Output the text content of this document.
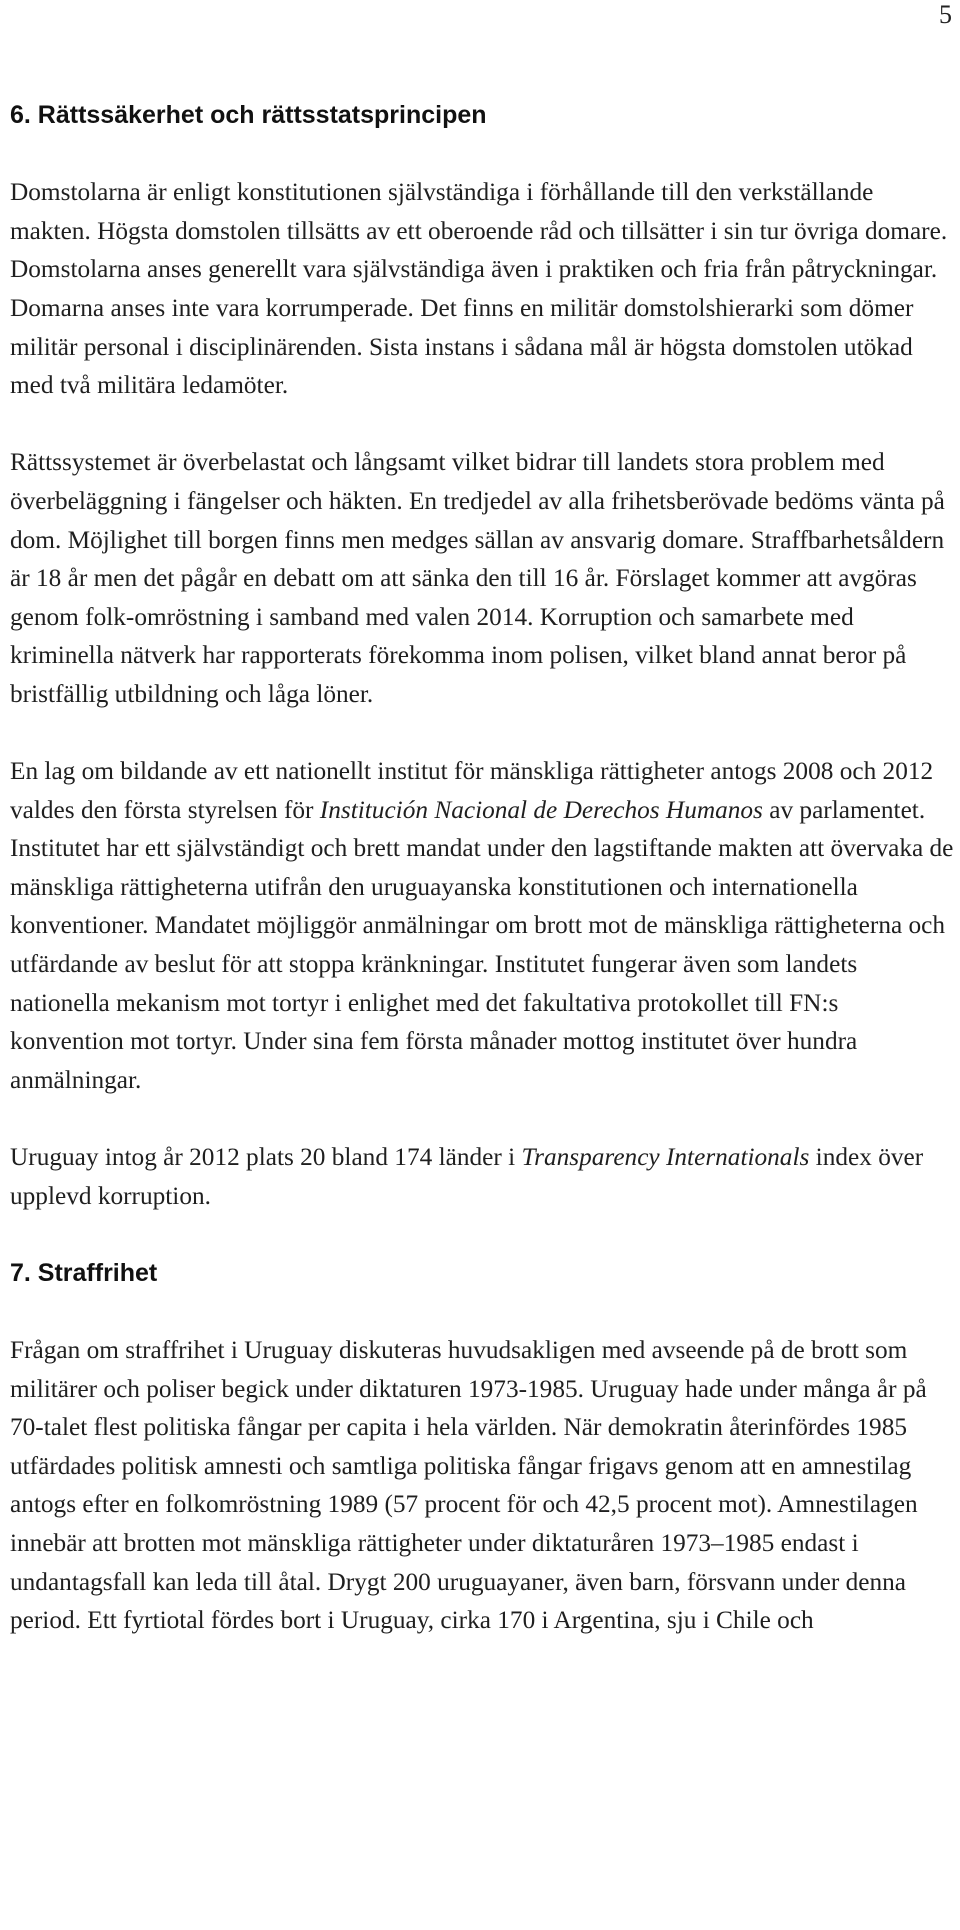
5
6. Rättssäkerhet och rättsstatsprincipen

Domstolarna är enligt konstitutionen självständiga i förhållande till den verkställande makten. Högsta domstolen tillsätts av ett oberoende råd och tillsätter i sin tur övriga domare. Domstolarna anses generellt vara självständiga även i praktiken och fria från påtryckningar. Domarna anses inte vara korrumperade. Det finns en militär domstolshierarki som dömer militär personal i disciplinärenden. Sista instans i sådana mål är högsta domstolen utökad med två militära ledamöter.

Rättssystemet är överbelastat och långsamt vilket bidrar till landets stora problem med överbeläggning i fängelser och häkten. En tredjedel av alla frihetsberövade bedöms vänta på dom. Möjlighet till borgen finns men medges sällan av ansvarig domare. Straffbarhetsåldern är 18 år men det pågår en debatt om att sänka den till 16 år. Förslaget kommer att avgöras genom folk-omröstning i samband med valen 2014. Korruption och samarbete med kriminella nätverk har rapporterats förekomma inom polisen, vilket bland annat beror på bristfällig utbildning och låga löner.

En lag om bildande av ett nationellt institut för mänskliga rättigheter antogs 2008 och 2012 valdes den första styrelsen för Institución Nacional de Derechos Humanos av parlamentet. Institutet har ett självständigt och brett mandat under den lagstiftande makten att övervaka de mänskliga rättigheterna utifrån den uruguayanska konstitutionen och internationella konventioner. Mandatet möjliggör anmälningar om brott mot de mänskliga rättigheterna och utfärdande av beslut för att stoppa kränkningar. Institutet fungerar även som landets nationella mekanism mot tortyr i enlighet med det fakultativa protokollet till FN:s konvention mot tortyr. Under sina fem första månader mottog institutet över hundra anmälningar.

Uruguay intog år 2012 plats 20 bland 174 länder i Transparency Internationals index över upplevd korruption.

7. Straffrihet

Frågan om straffrihet i Uruguay diskuteras huvudsakligen med avseende på de brott som militärer och poliser begick under diktaturen 1973-1985. Uruguay hade under många år på 70-talet flest politiska fångar per capita i hela världen. När demokratin återinfördes 1985 utfärdades politisk amnesti och samtliga politiska fångar frigavs genom att en amnestilag antogs efter en folkomröstning 1989 (57 procent för och 42,5 procent mot). Amnestilagen innebär att brotten mot mänskliga rättigheter under diktaturåren 1973–1985 endast i undantagsfall kan leda till åtal. Drygt 200 uruguayaner, även barn, försvann under denna period. Ett fyrtiotal fördes bort i Uruguay, cirka 170 i Argentina, sju i Chile och
